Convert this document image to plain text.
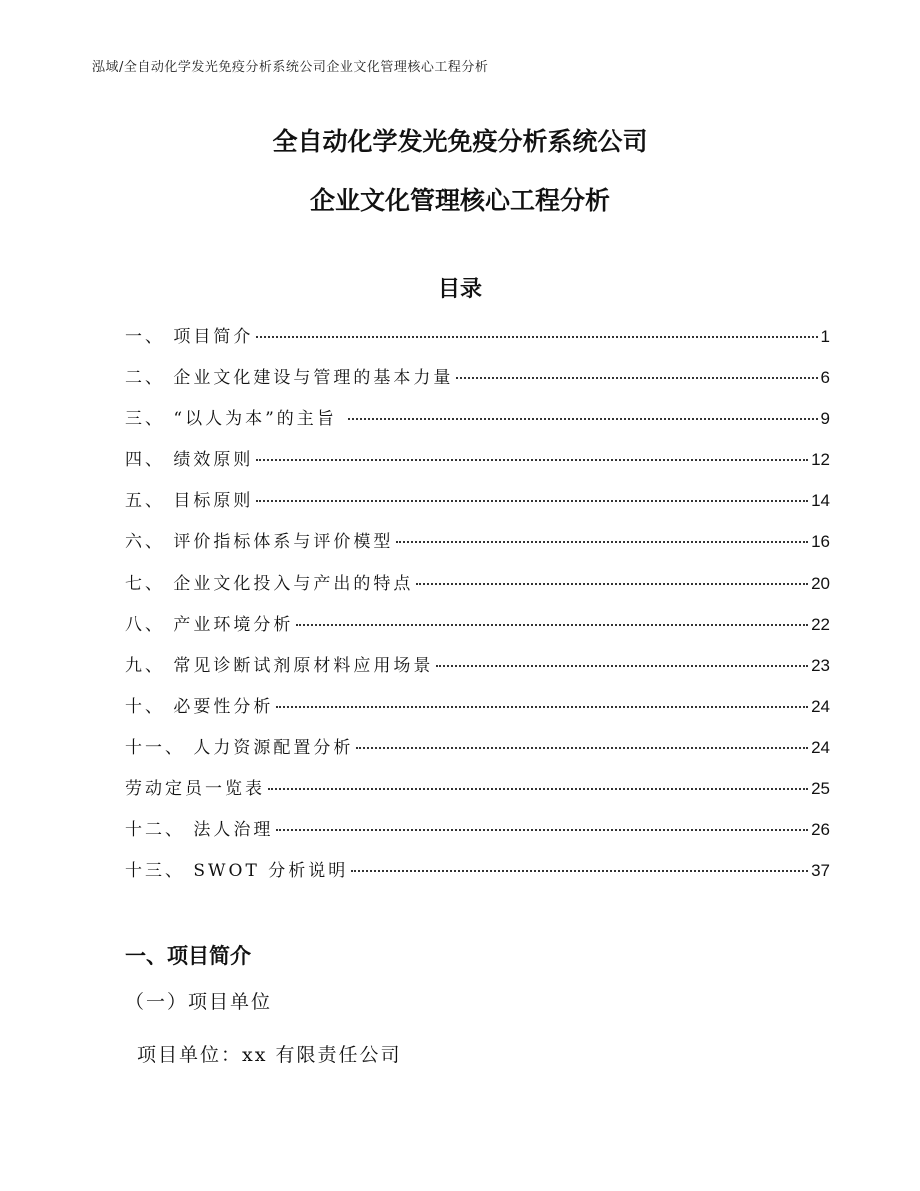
泓域/全自动化学发光免疫分析系统公司企业文化管理核心工程分析
全自动化学发光免疫分析系统公司
企业文化管理核心工程分析
目录
一、 项目简介	1
二、 企业文化建设与管理的基本力量	6
三、 “以人为本”的主旨	9
四、 绩效原则	12
五、 目标原则	14
六、 评价指标体系与评价模型	16
七、 企业文化投入与产出的特点	20
八、 产业环境分析	22
九、 常见诊断试剂原材料应用场景	23
十、 必要性分析	24
十一、 人力资源配置分析	24
劳动定员一览表	25
十二、 法人治理	26
十三、 SWOT 分析说明	37
一、项目简介
（一）项目单位
项目单位：xx 有限责任公司
